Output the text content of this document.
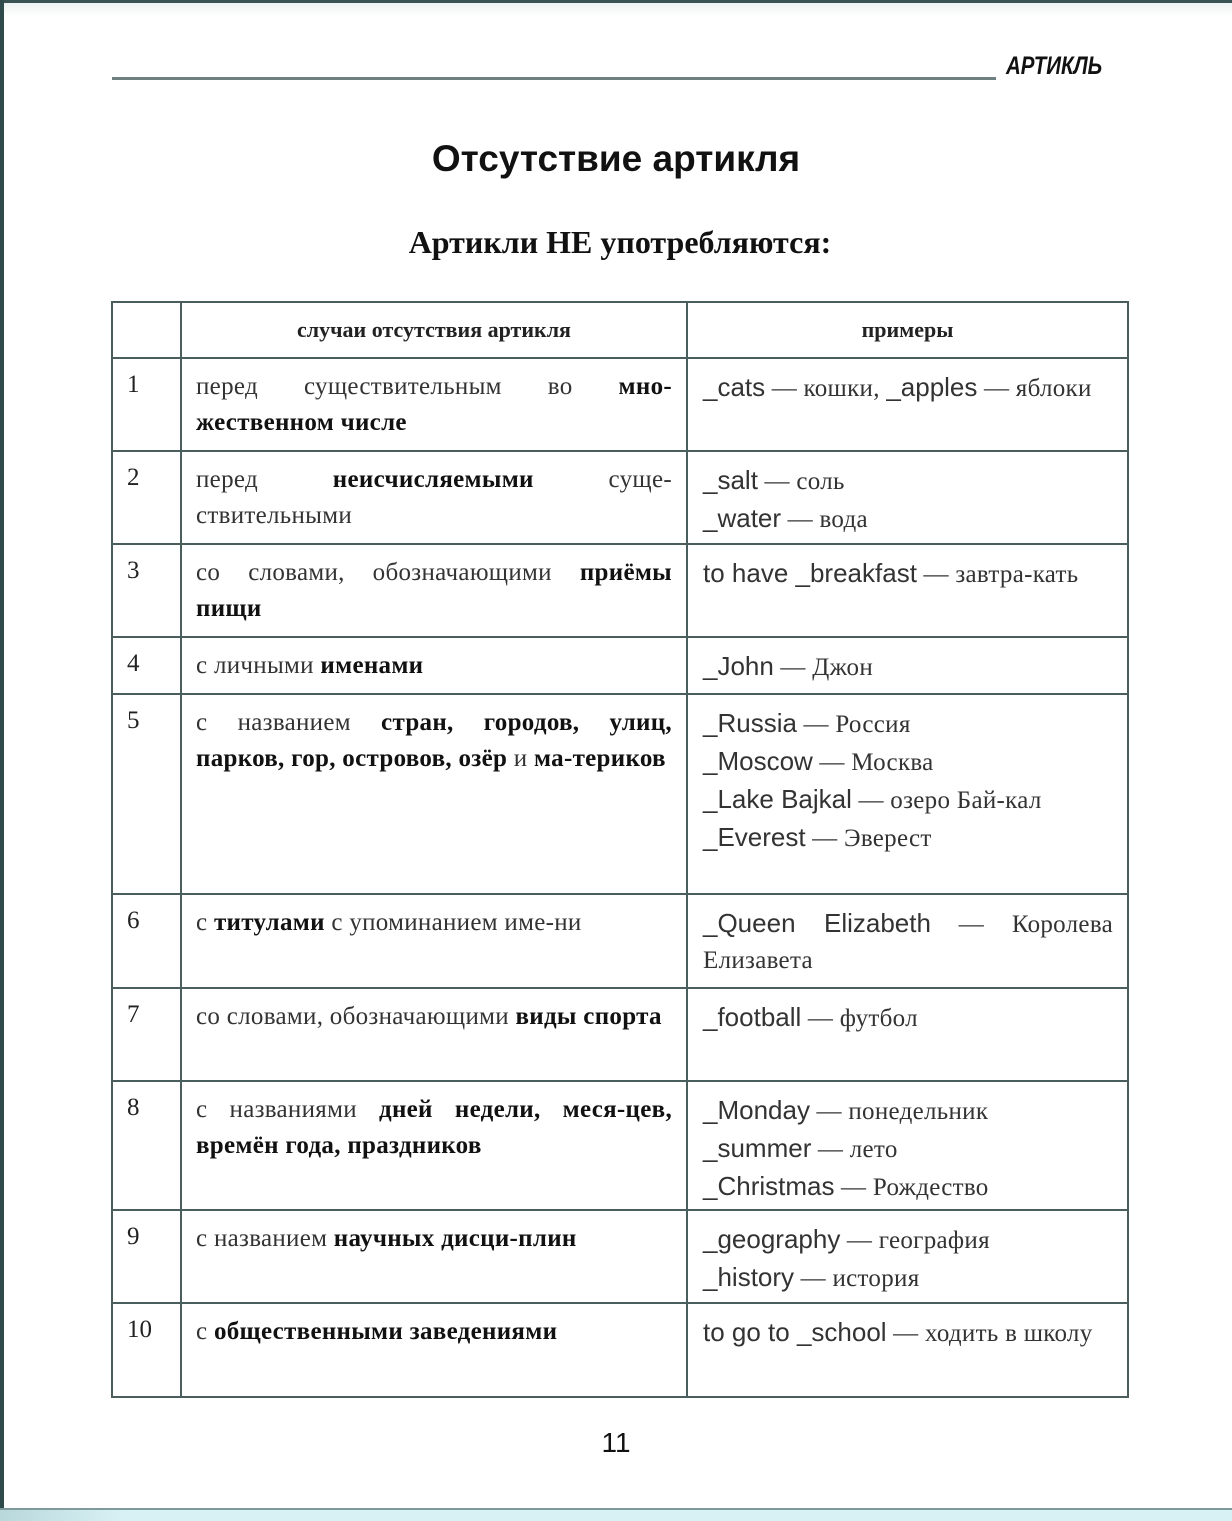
АРТИКЛЬ
Отсутствие артикля
Артикли НЕ употребляются:
	случаи отсутствия артикля	примеры
1	перед существительным во мно-жественном числе	_cats — кошки, _apples — яблоки

2	перед неисчисляемыми суще-ствительными	_salt — соль
_water — вода

3	со словами, обозначающими приёмы пищи	to have _breakfast — завтра-кать

4	с личными именами	_John — Джон

5	с названием стран, городов, улиц, парков, гор, островов, озёр и ма-териков	_Russia — Россия
_Moscow — Москва
_Lake Bajkal — озеро Бай-кал
_Everest — Эверест

6	с титулами с упоминанием име-ни	_Queen Elizabeth — Королева Елизавета

7	со словами, обозначающими виды спорта	_football — футбол

8	с названиями дней недели, меся-цев, времён года, праздников	_Monday — понедельник
_summer — лето
_Christmas — Рождество

9	с названием научных дисци-плин	_geography — география
_history — история

10	с общественными заведениями	to go to _school — ходить в школу
11
